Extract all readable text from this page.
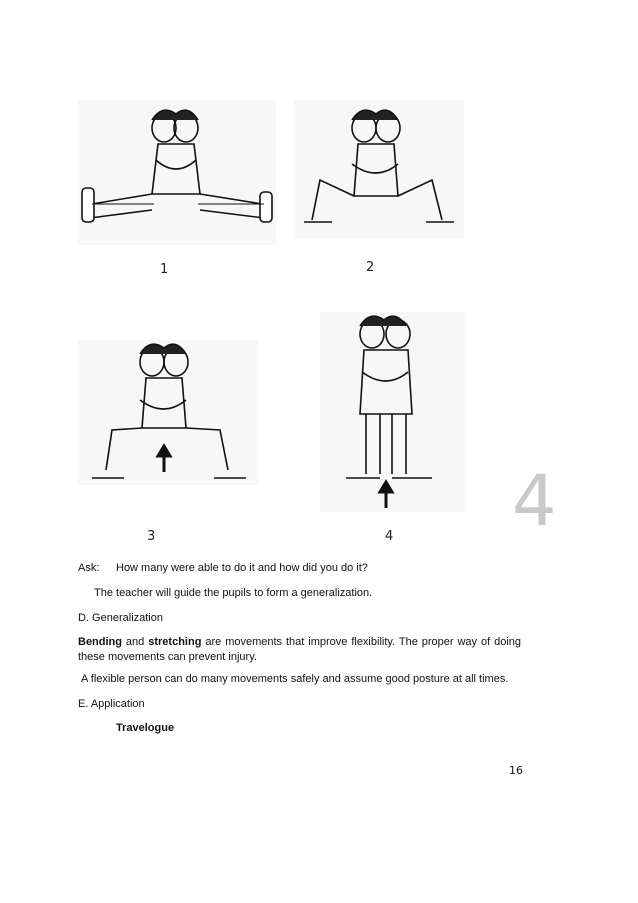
1	2
4
3	4
Ask: How many were able to do it and how did you do it?
The teacher will guide the pupils to form a generalization.
D. Generalization
Bending and stretching are movements that improve flexibility. The proper way of doing these movements can prevent injury.
A flexible person can do many movements safely and assume good posture at all times.
E. Application
Travelogue
16
